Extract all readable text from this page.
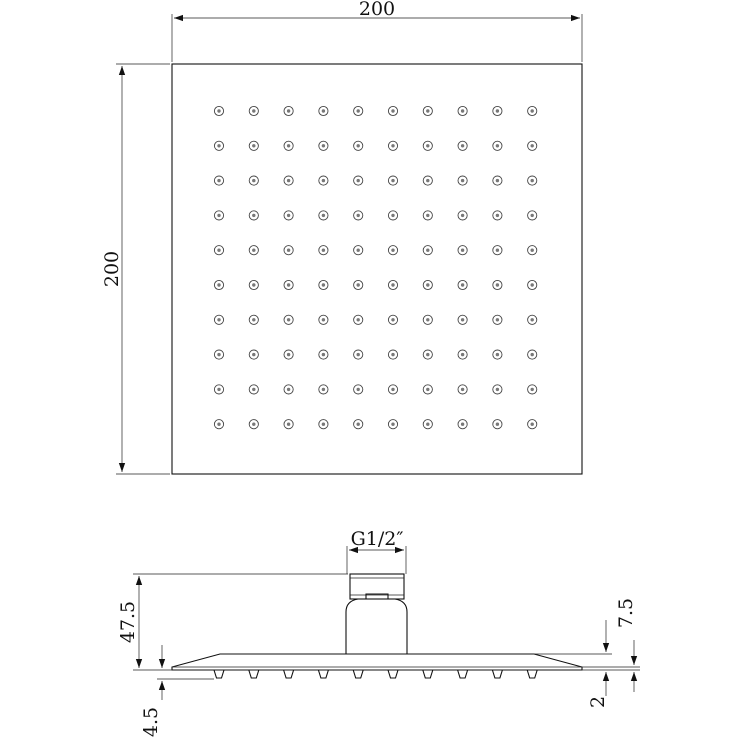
200
200
G1/2″
47.5
4.5
7.5
2
